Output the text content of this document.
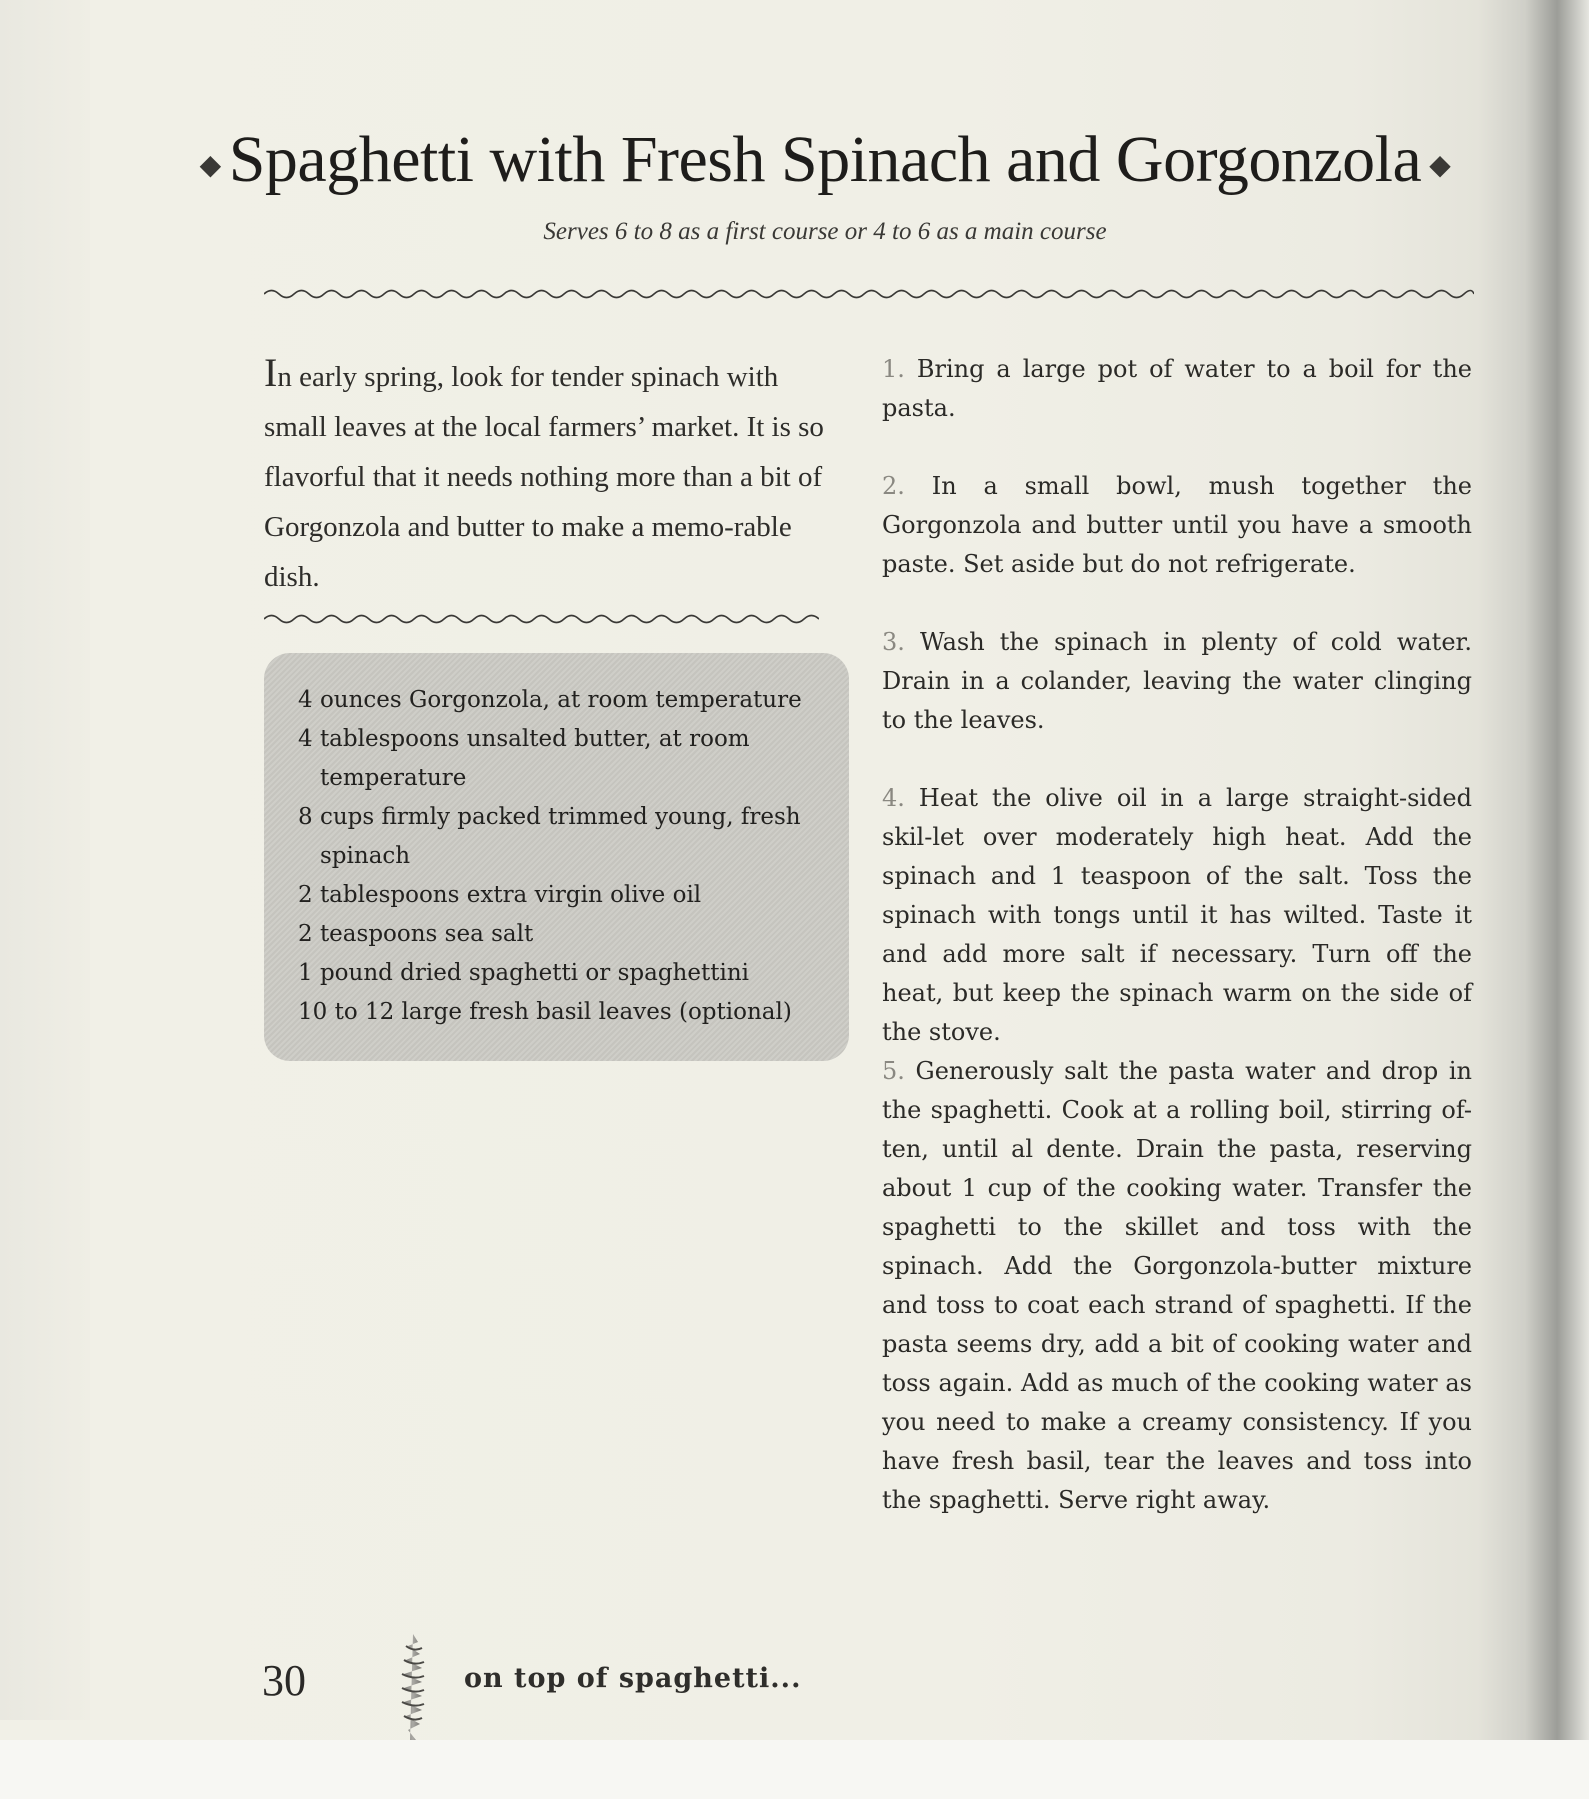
◆ Spaghetti with Fresh Spinach and Gorgonzola ◆
Serves 6 to 8 as a first course or 4 to 6 as a main course
In early spring, look for tender spinach with small leaves at the local farmers’ market. It is so flavorful that it needs nothing more than a bit of Gorgonzola and butter to make a memo-rable dish.
4 ounces Gorgonzola, at room temperature
4 tablespoons unsalted butter, at room temperature
8 cups firmly packed trimmed young, fresh spinach
2 tablespoons extra virgin olive oil
2 teaspoons sea salt
1 pound dried spaghetti or spaghettini
10 to 12 large fresh basil leaves (optional)

1. Bring a large pot of water to a boil for the pasta.

2. In a small bowl, mush together the Gorgonzola and butter until you have a smooth paste. Set aside but do not refrigerate.

3. Wash the spinach in plenty of cold water. Drain in a colander, leaving the water clinging to the leaves.

4. Heat the olive oil in a large straight-sided skil-let over moderately high heat. Add the spinach and 1 teaspoon of the salt. Toss the spinach with tongs until it has wilted. Taste it and add more salt if necessary. Turn off the heat, but keep the spinach warm on the side of the stove.

5. Generously salt the pasta water and drop in the spaghetti. Cook at a rolling boil, stirring of-ten, until al dente. Drain the pasta, reserving about 1 cup of the cooking water. Transfer the spaghetti to the skillet and toss with the spinach. Add the Gorgonzola-butter mixture and toss to coat each strand of spaghetti. If the pasta seems dry, add a bit of cooking water and toss again. Add as much of the cooking water as you need to make a creamy consistency. If you have fresh basil, tear the leaves and toss into the spaghetti. Serve right away.

30	on top of spaghetti...
